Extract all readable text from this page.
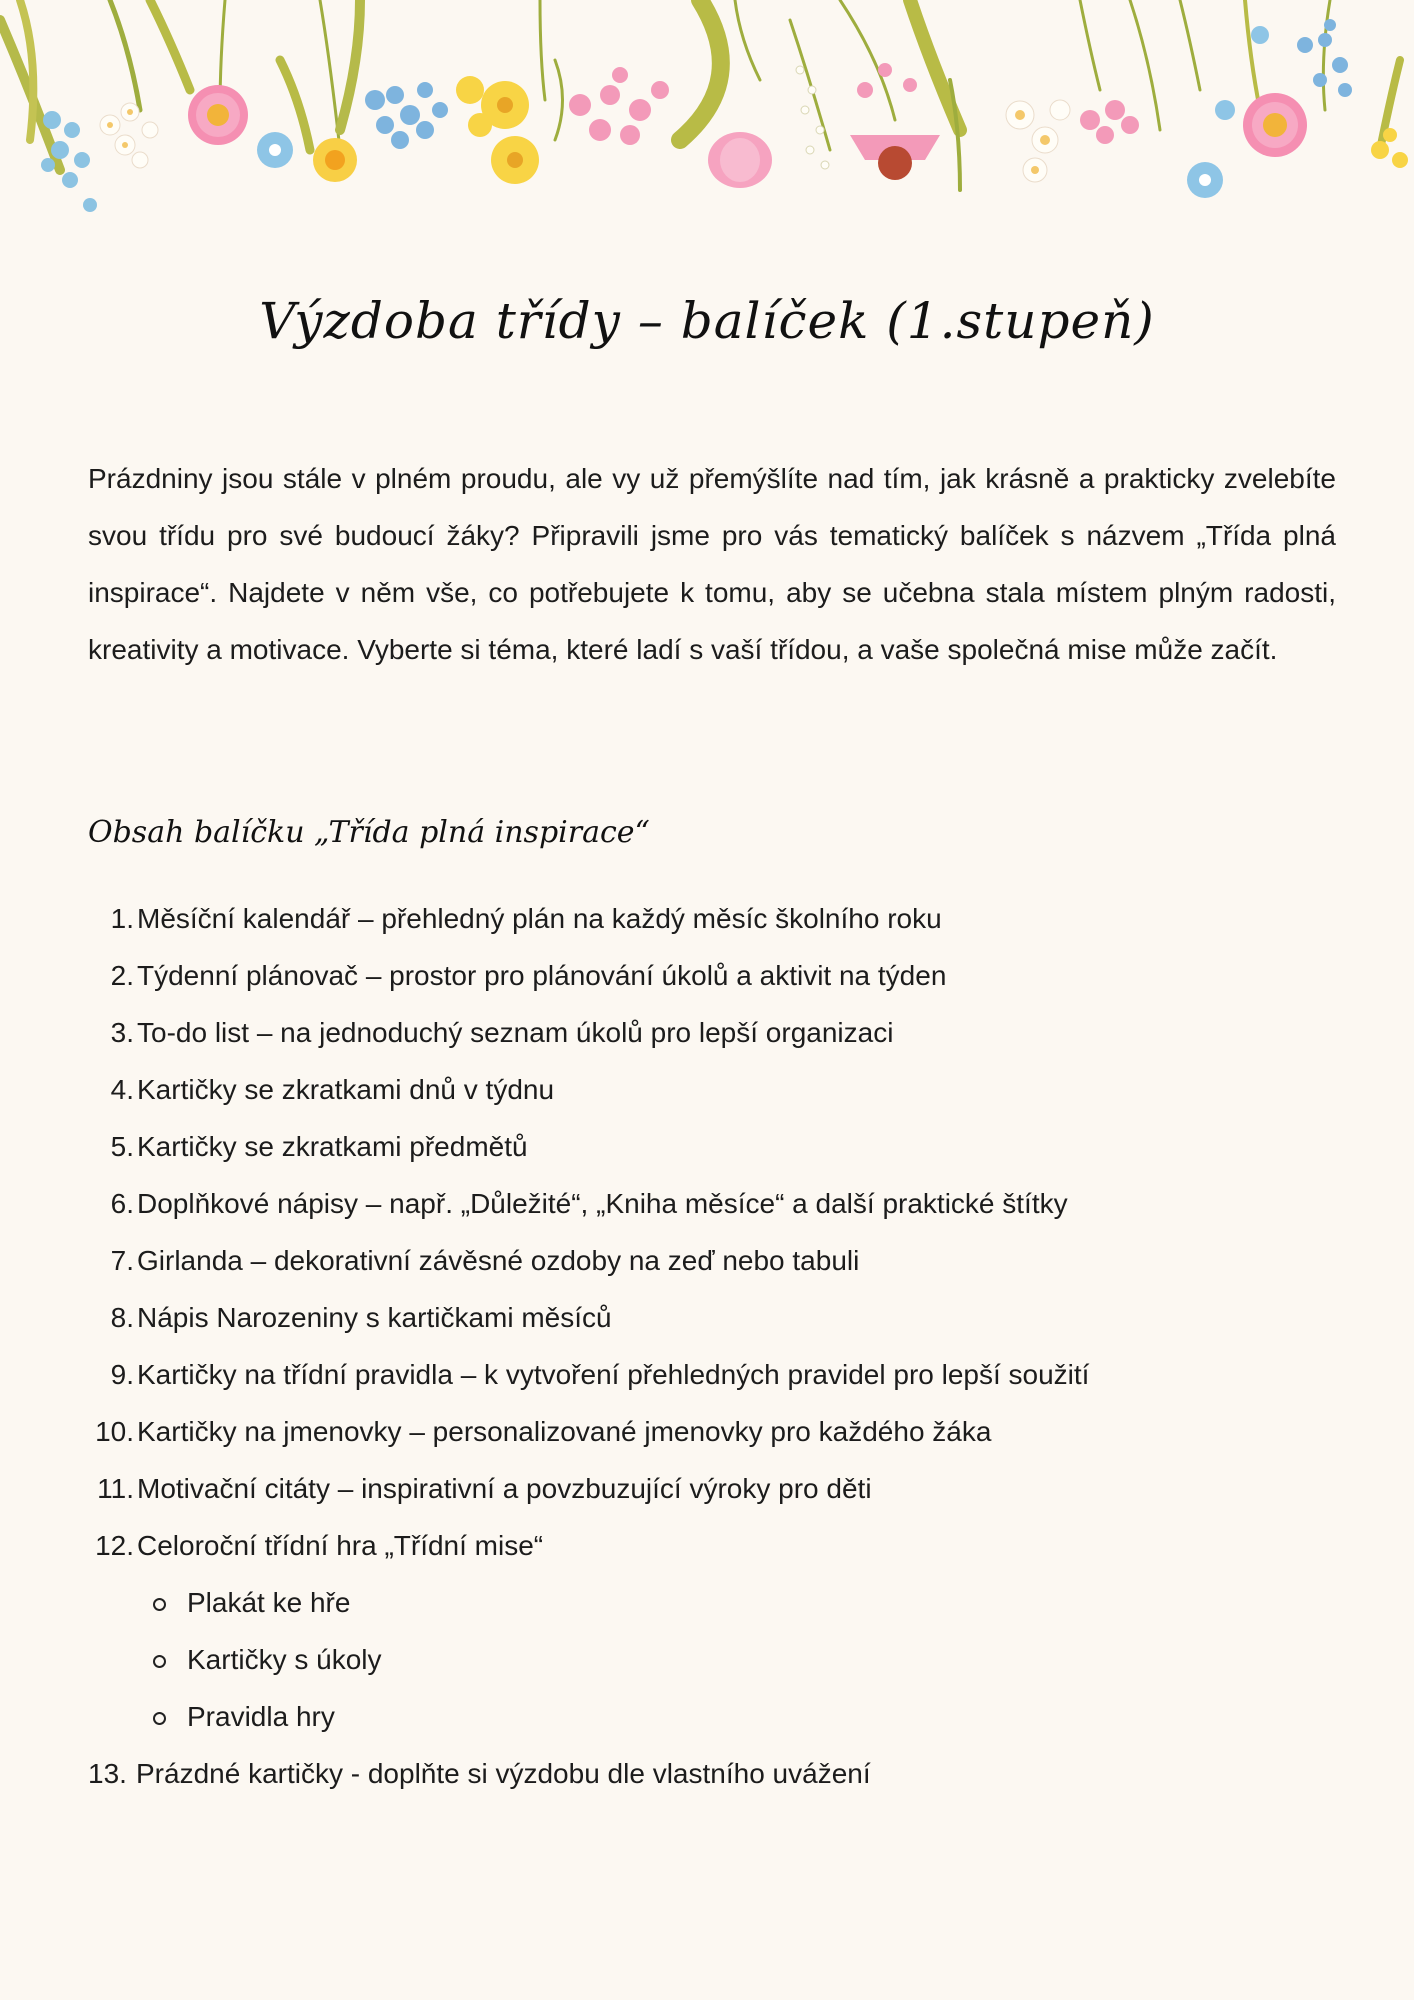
Výzdoba třídy – balíček (1.stupeň)
Prázdniny jsou stále v plném proudu, ale vy už přemýšlíte nad tím, jak krásně a prakticky zvelebíte svou třídu pro své budoucí žáky? Připravili jsme pro vás tematický balíček s názvem „Třída plná inspirace“. Najdete v něm vše, co potřebujete k tomu, aby se učebna stala místem plným radosti, kreativity a motivace. Vyberte si téma, které ladí s vaší třídou, a vaše společná mise může začít.
Obsah balíčku „Třída plná inspirace“
1. Měsíční kalendář – přehledný plán na každý měsíc školního roku
2. Týdenní plánovač – prostor pro plánování úkolů a aktivit na týden
3. To-do list – na jednoduchý seznam úkolů pro lepší organizaci
4. Kartičky se zkratkami dnů v týdnu
5. Kartičky se zkratkami předmětů
6. Doplňkové nápisy – např. „Důležité“, „Kniha měsíce“ a další praktické štítky
7. Girlanda – dekorativní závěsné ozdoby na zeď nebo tabuli
8. Nápis Narozeniny s kartičkami měsíců
9. Kartičky na třídní pravidla – k vytvoření přehledných pravidel pro lepší soužití
10. Kartičky na jmenovky – personalizované jmenovky pro každého žáka
11. Motivační citáty – inspirativní a povzbuzující výroky pro děti
12. Celoroční třídní hra „Třídní mise“
Plakát ke hře
Kartičky s úkoly
Pravidla hry
13. Prázdné kartičky - doplňte si výzdobu dle vlastního uvážení
